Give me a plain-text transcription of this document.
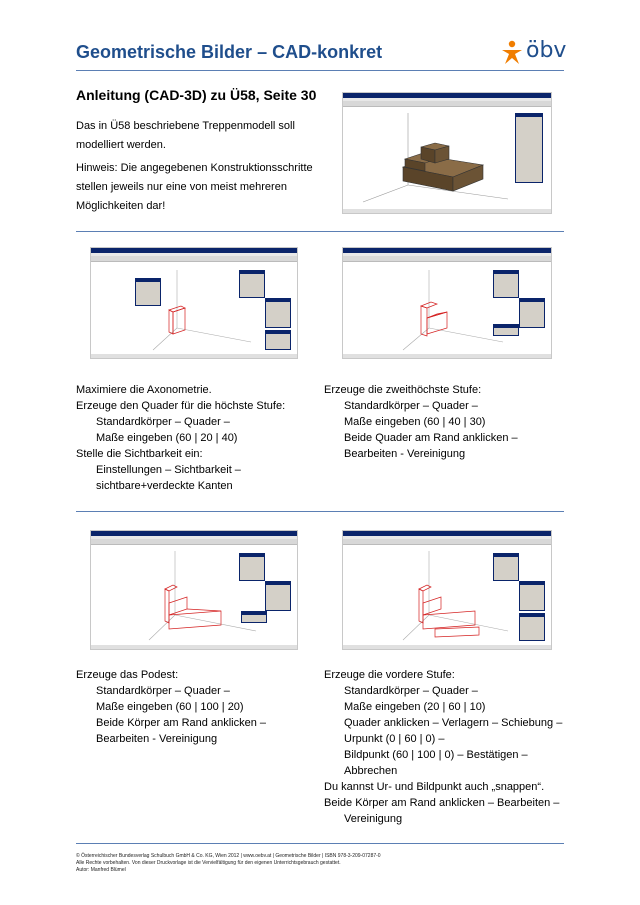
Geometrische Bilder – CAD-konkret	öbv
Anleitung (CAD-3D) zu Ü58, Seite 30
Das in Ü58 beschriebene Treppenmodell soll
modelliert werden.
Hinweis: Die angegebenen Konstruktionsschritte
stellen jeweils nur eine von meist mehreren
Möglichkeiten dar!
Maximiere die Axonometrie.
Erzeuge den Quader für die höchste Stufe:
Standardkörper – Quader –
Maße eingeben (60 | 20 | 40)
Stelle die Sichtbarkeit ein:
Einstellungen – Sichtbarkeit –
sichtbare+verdeckte Kanten
Erzeuge die zweithöchste Stufe:
Standardkörper – Quader –
Maße eingeben (60 | 40 | 30)
Beide Quader am Rand anklicken –
Bearbeiten - Vereinigung
Erzeuge das Podest:
Standardkörper – Quader –
Maße eingeben (60 | 100 | 20)
Beide Körper am Rand anklicken –
Bearbeiten - Vereinigung
Erzeuge die vordere Stufe:
Standardkörper – Quader –
Maße eingeben (20 | 60 | 10)
Quader anklicken – Verlagern – Schiebung –
Urpunkt (0 | 60 | 0) –
Bildpunkt (60 | 100 | 0) – Bestätigen –
Abbrechen
Du kannst Ur- und Bildpunkt auch „snappen“.
Beide Körper am Rand anklicken – Bearbeiten –
Vereinigung
© Österreichischer Bundesverlag Schulbuch GmbH & Co. KG, Wien 2012 | www.oebv.at | Geometrische Bilder | ISBN 978-3-209-07287-0
Alle Rechte vorbehalten. Von dieser Druckvorlage ist die Vervielfältigung für den eigenen Unterrichtsgebrauch gestattet.
Autor: Manfred Blümel
